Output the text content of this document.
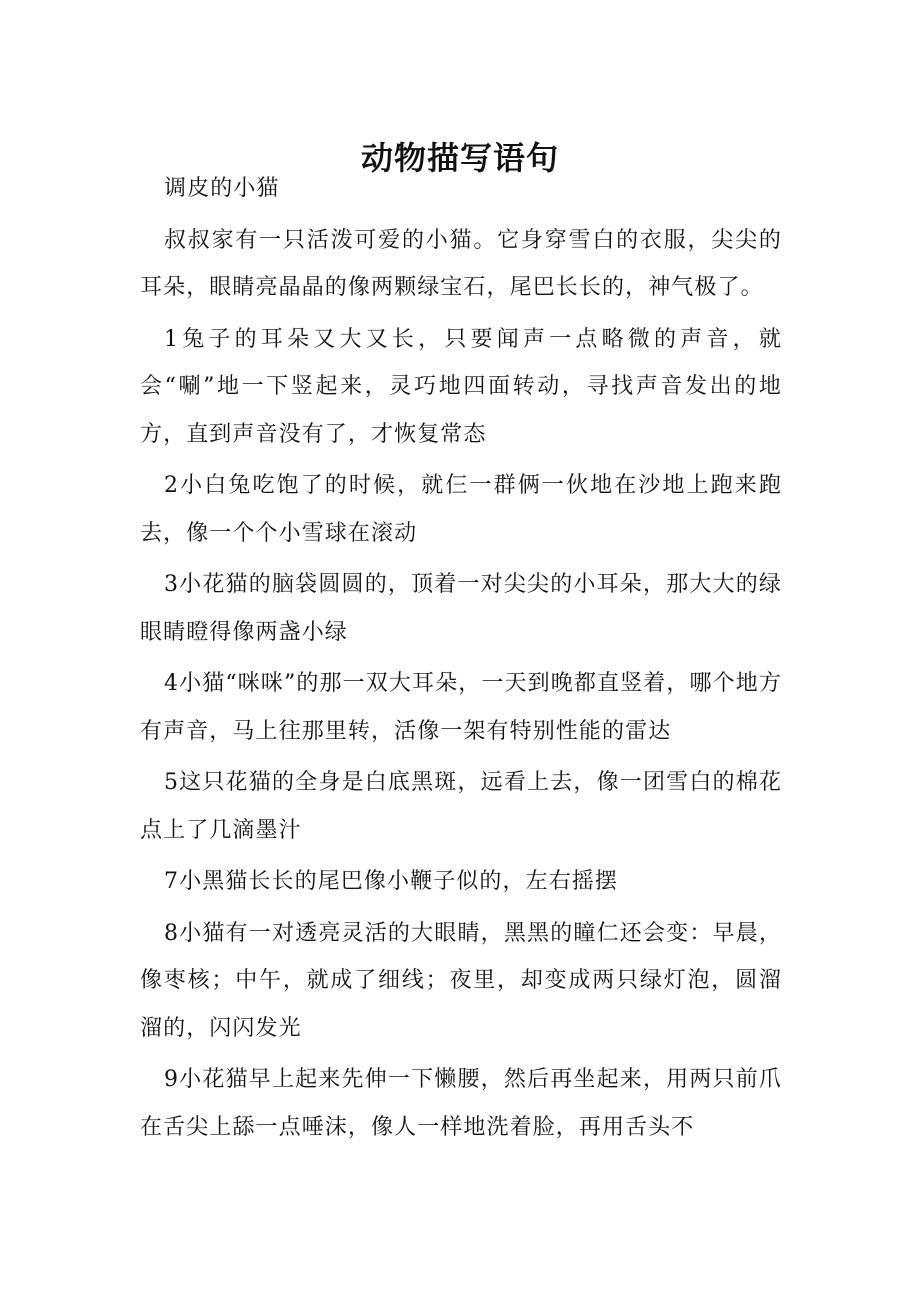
动物描写语句

调皮的小猫

叔叔家有一只活泼可爱的小猫。它身穿雪白的衣服，尖尖的耳朵，眼睛亮晶晶的像两颗绿宝石，尾巴长长的，神气极了。

1兔子的耳朵又大又长，只要闻声一点略微的声音，就会“唰”地一下竖起来，灵巧地四面转动，寻找声音发出的地方，直到声音没有了，才恢复常态

2小白兔吃饱了的时候，就仨一群俩一伙地在沙地上跑来跑去，像一个个小雪球在滚动

3小花猫的脑袋圆圆的，顶着一对尖尖的小耳朵，那大大的绿眼睛瞪得像两盏小绿

4小猫“咪咪”的那一双大耳朵，一天到晚都直竖着，哪个地方有声音，马上往那里转，活像一架有特别性能的雷达

5这只花猫的全身是白底黑斑，远看上去，像一团雪白的棉花点上了几滴墨汁

7小黑猫长长的尾巴像小鞭子似的，左右摇摆

8小猫有一对透亮灵活的大眼睛，黑黑的瞳仁还会变：早晨，像枣核；中午，就成了细线；夜里，却变成两只绿灯泡，圆溜溜的，闪闪发光

9小花猫早上起来先伸一下懒腰，然后再坐起来，用两只前爪在舌尖上舔一点唾沫，像人一样地洗着脸，再用舌头不
